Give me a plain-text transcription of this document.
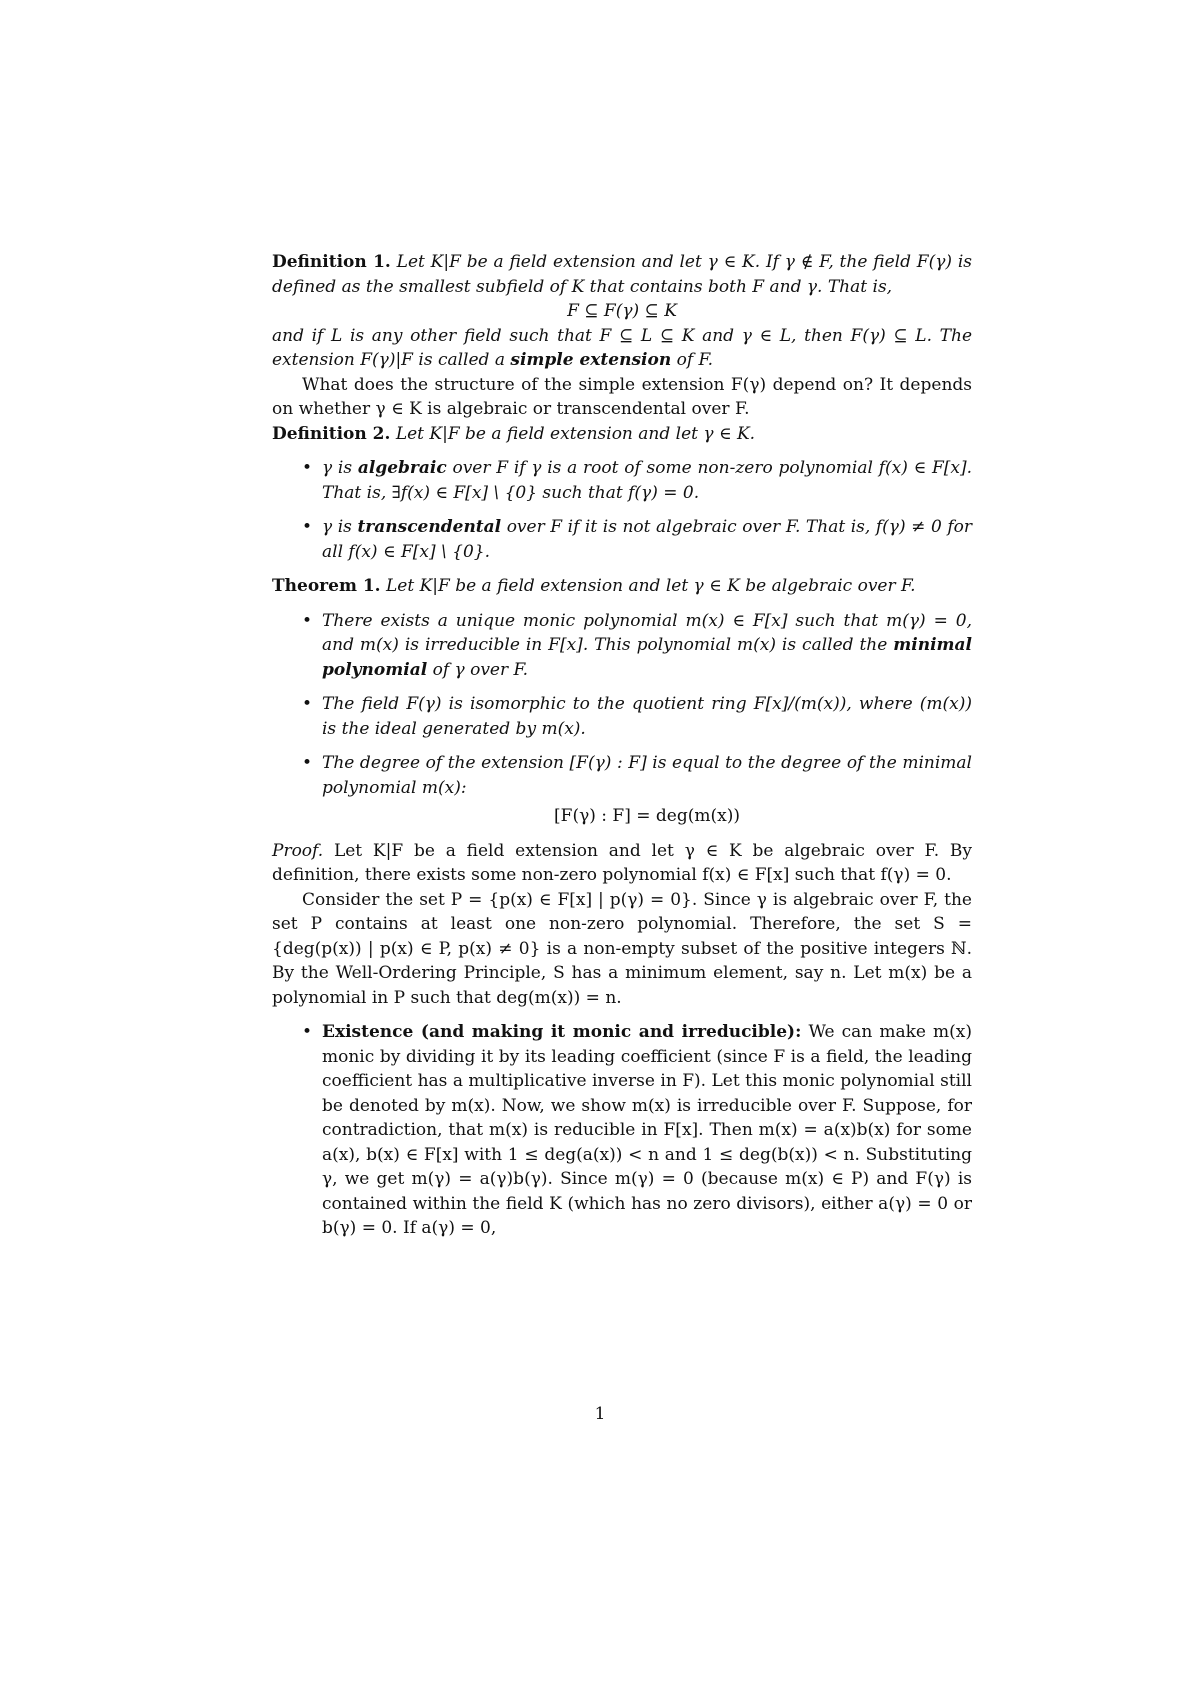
Definition 1. Let K|F be a field extension and let γ ∈ K. If γ ∉ F, the field F(γ) is defined as the smallest subfield of K that contains both F and γ. That is,

F ⊆ F(γ) ⊆ K

and if L is any other field such that F ⊆ L ⊆ K and γ ∈ L, then F(γ) ⊆ L. The extension F(γ)|F is called a simple extension of F.

What does the structure of the simple extension F(γ) depend on? It depends on whether γ ∈ K is algebraic or transcendental over F.

Definition 2. Let K|F be a field extension and let γ ∈ K.

• γ is algebraic over F if γ is a root of some non-zero polynomial f(x) ∈ F[x]. That is, ∃f(x) ∈ F[x] \ {0} such that f(γ) = 0.
• γ is transcendental over F if it is not algebraic over F. That is, f(γ) ≠ 0 for all f(x) ∈ F[x] \ {0}.

Theorem 1. Let K|F be a field extension and let γ ∈ K be algebraic over F.

• There exists a unique monic polynomial m(x) ∈ F[x] such that m(γ) = 0, and m(x) is irreducible in F[x]. This polynomial m(x) is called the minimal polynomial of γ over F.
• The field F(γ) is isomorphic to the quotient ring F[x]/(m(x)), where (m(x)) is the ideal generated by m(x).
• The degree of the extension [F(γ) : F] is equal to the degree of the minimal polynomial m(x):
[F(γ) : F] = deg(m(x))

Proof. Let K|F be a field extension and let γ ∈ K be algebraic over F. By definition, there exists some non-zero polynomial f(x) ∈ F[x] such that f(γ) = 0.

Consider the set P = {p(x) ∈ F[x] | p(γ) = 0}. Since γ is algebraic over F, the set P contains at least one non-zero polynomial. Therefore, the set S = {deg(p(x)) | p(x) ∈ P, p(x) ≠ 0} is a non-empty subset of the positive integers ℕ. By the Well-Ordering Principle, S has a minimum element, say n. Let m(x) be a polynomial in P such that deg(m(x)) = n.

• Existence (and making it monic and irreducible): We can make m(x) monic by dividing it by its leading coefficient (since F is a field, the leading coefficient has a multiplicative inverse in F). Let this monic polynomial still be denoted by m(x). Now, we show m(x) is irreducible over F. Suppose, for contradiction, that m(x) is reducible in F[x]. Then m(x) = a(x)b(x) for some a(x), b(x) ∈ F[x] with 1 ≤ deg(a(x)) < n and 1 ≤ deg(b(x)) < n. Substituting γ, we get m(γ) = a(γ)b(γ). Since m(γ) = 0 (because m(x) ∈ P) and F(γ) is contained within the field K (which has no zero divisors), either a(γ) = 0 or b(γ) = 0. If a(γ) = 0,
1
